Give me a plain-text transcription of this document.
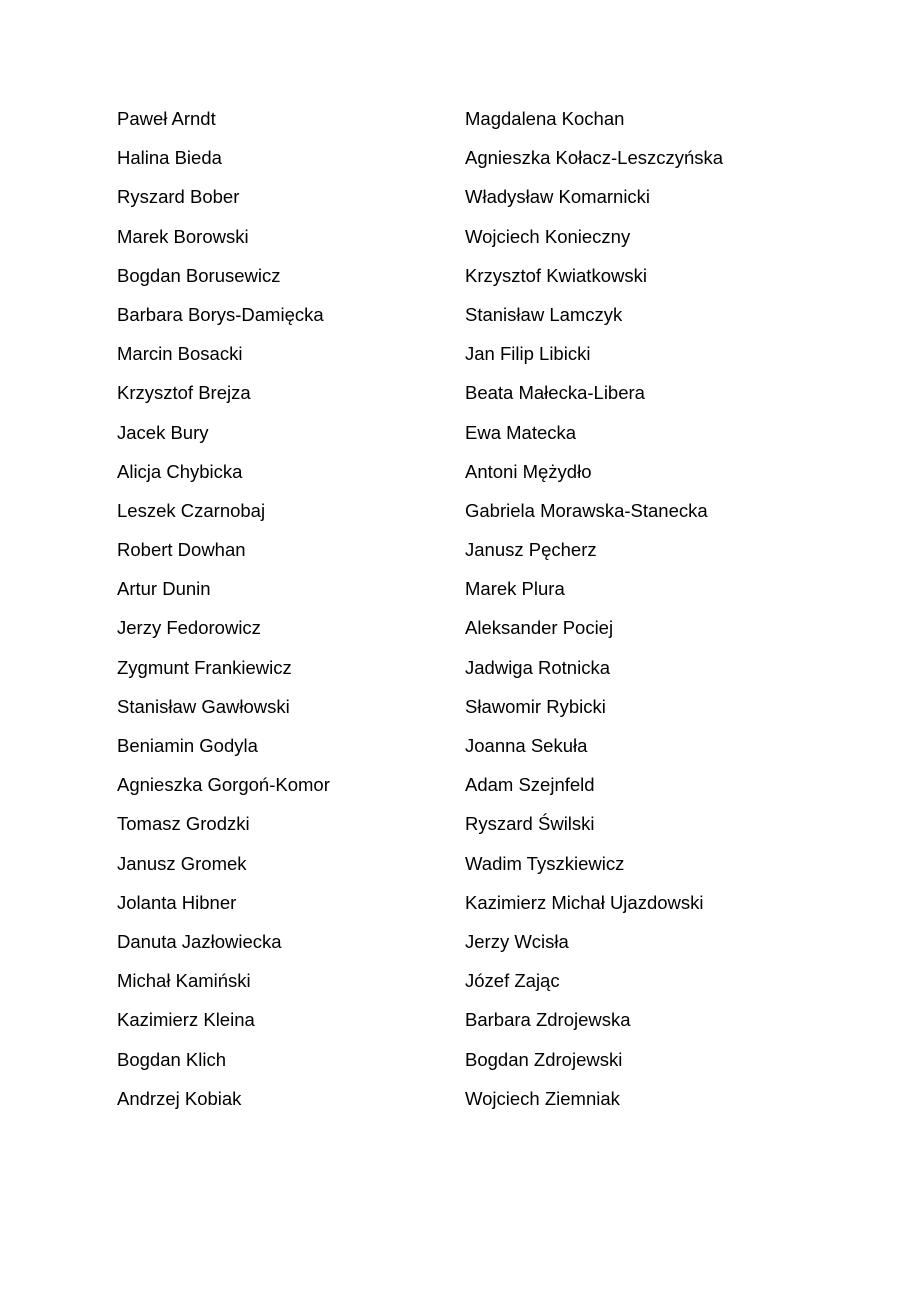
Paweł Arndt
Halina Bieda
Ryszard Bober
Marek Borowski
Bogdan Borusewicz
Barbara Borys-Damięcka
Marcin Bosacki
Krzysztof Brejza
Jacek Bury
Alicja Chybicka
Leszek Czarnobaj
Robert Dowhan
Artur Dunin
Jerzy Fedorowicz
Zygmunt Frankiewicz
Stanisław Gawłowski
Beniamin Godyla
Agnieszka Gorgoń-Komor
Tomasz Grodzki
Janusz Gromek
Jolanta Hibner
Danuta Jazłowiecka
Michał Kamiński
Kazimierz Kleina
Bogdan Klich
Andrzej Kobiak
Magdalena Kochan
Agnieszka Kołacz-Leszczyńska
Władysław Komarnicki
Wojciech Konieczny
Krzysztof Kwiatkowski
Stanisław Lamczyk
Jan Filip Libicki
Beata Małecka-Libera
Ewa Matecka
Antoni Mężydło
Gabriela Morawska-Stanecka
Janusz Pęcherz
Marek Plura
Aleksander Pociej
Jadwiga Rotnicka
Sławomir Rybicki
Joanna Sekuła
Adam Szejnfeld
Ryszard Świlski
Wadim Tyszkiewicz
Kazimierz Michał Ujazdowski
Jerzy Wcisła
Józef Zając
Barbara Zdrojewska
Bogdan Zdrojewski
Wojciech Ziemniak
